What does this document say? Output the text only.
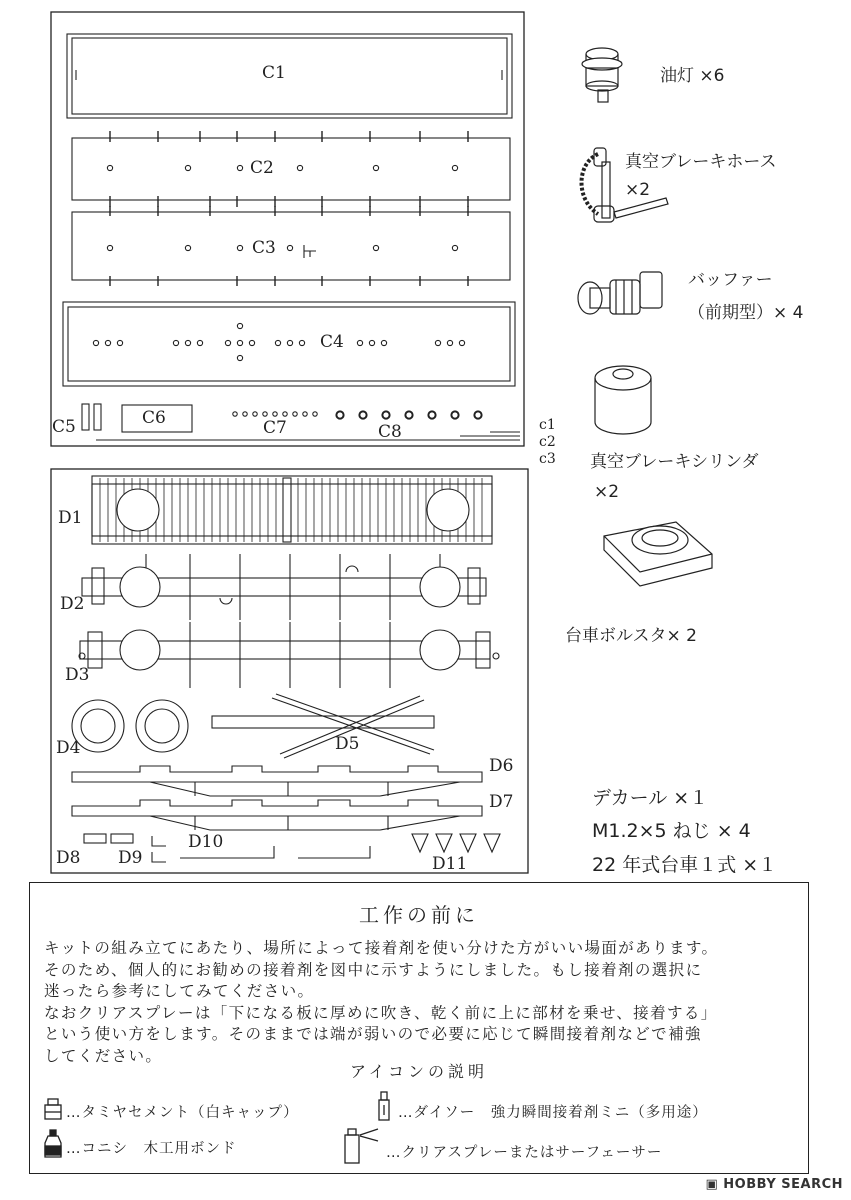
C1
C2
C3
C4
C5	C6	C7	C8	c1
c2
c3
D1
D2
D3
D4	D5
D6
D7
D8 D9
D10
D11
油灯 ×6
真空ブレーキホース
×2
バッファー
（前期型）× 4
真空ブレーキシリンダ
×2
台車ボルスタ× 2
デカール ×１
M1.2×5 ねじ × 4
22 年式台車１式 ×１
工作の前に
キットの組み立てにあたり、場所によって接着剤を使い分けた方がいい場面があります。
そのため、個人的にお勧めの接着剤を図中に示すようにしました。もし接着剤の選択に
迷ったら参考にしてみてください。
なおクリアスプレーは「下になる板に厚めに吹き、乾く前に上に部材を乗せ、接着する」
という使い方をします。そのままでは端が弱いので必要に応じて瞬間接着剤などで補強
してください。
アイコンの説明
…タミヤセメント（白キャップ）	…ダイソー　強力瞬間接着剤ミニ（多用途）
…コニシ　木工用ボンド	…クリアスプレーまたはサーフェーサー
▣ HOBBY SEARCH
